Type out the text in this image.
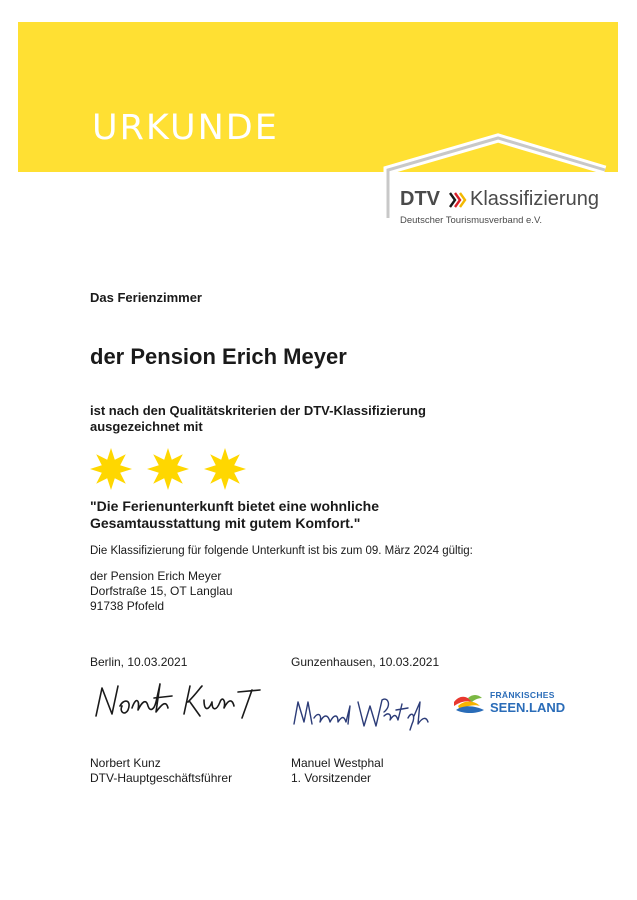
URKUNDE
DTV Klassifizierung
Deutscher Tourismusverband e.V.
Das Ferienzimmer
der Pension Erich Meyer
ist nach den Qualitätskriterien der DTV-Klassifizierung
ausgezeichnet mit
"Die Ferienunterkunft bietet eine wohnliche
Gesamtausstattung mit gutem Komfort."
Die Klassifizierung für folgende Unterkunft ist bis zum 09. März 2024 gültig:
der Pension Erich Meyer
Dorfstraße 15, OT Langlau
91738 Pfofeld
Berlin, 10.03.2021	Gunzenhausen, 10.03.2021
Norbert Kunz
DTV-Hauptgeschäftsführer
Manuel Westphal
1. Vorsitzender
FRÄNKISCHES
SEEN.LAND
